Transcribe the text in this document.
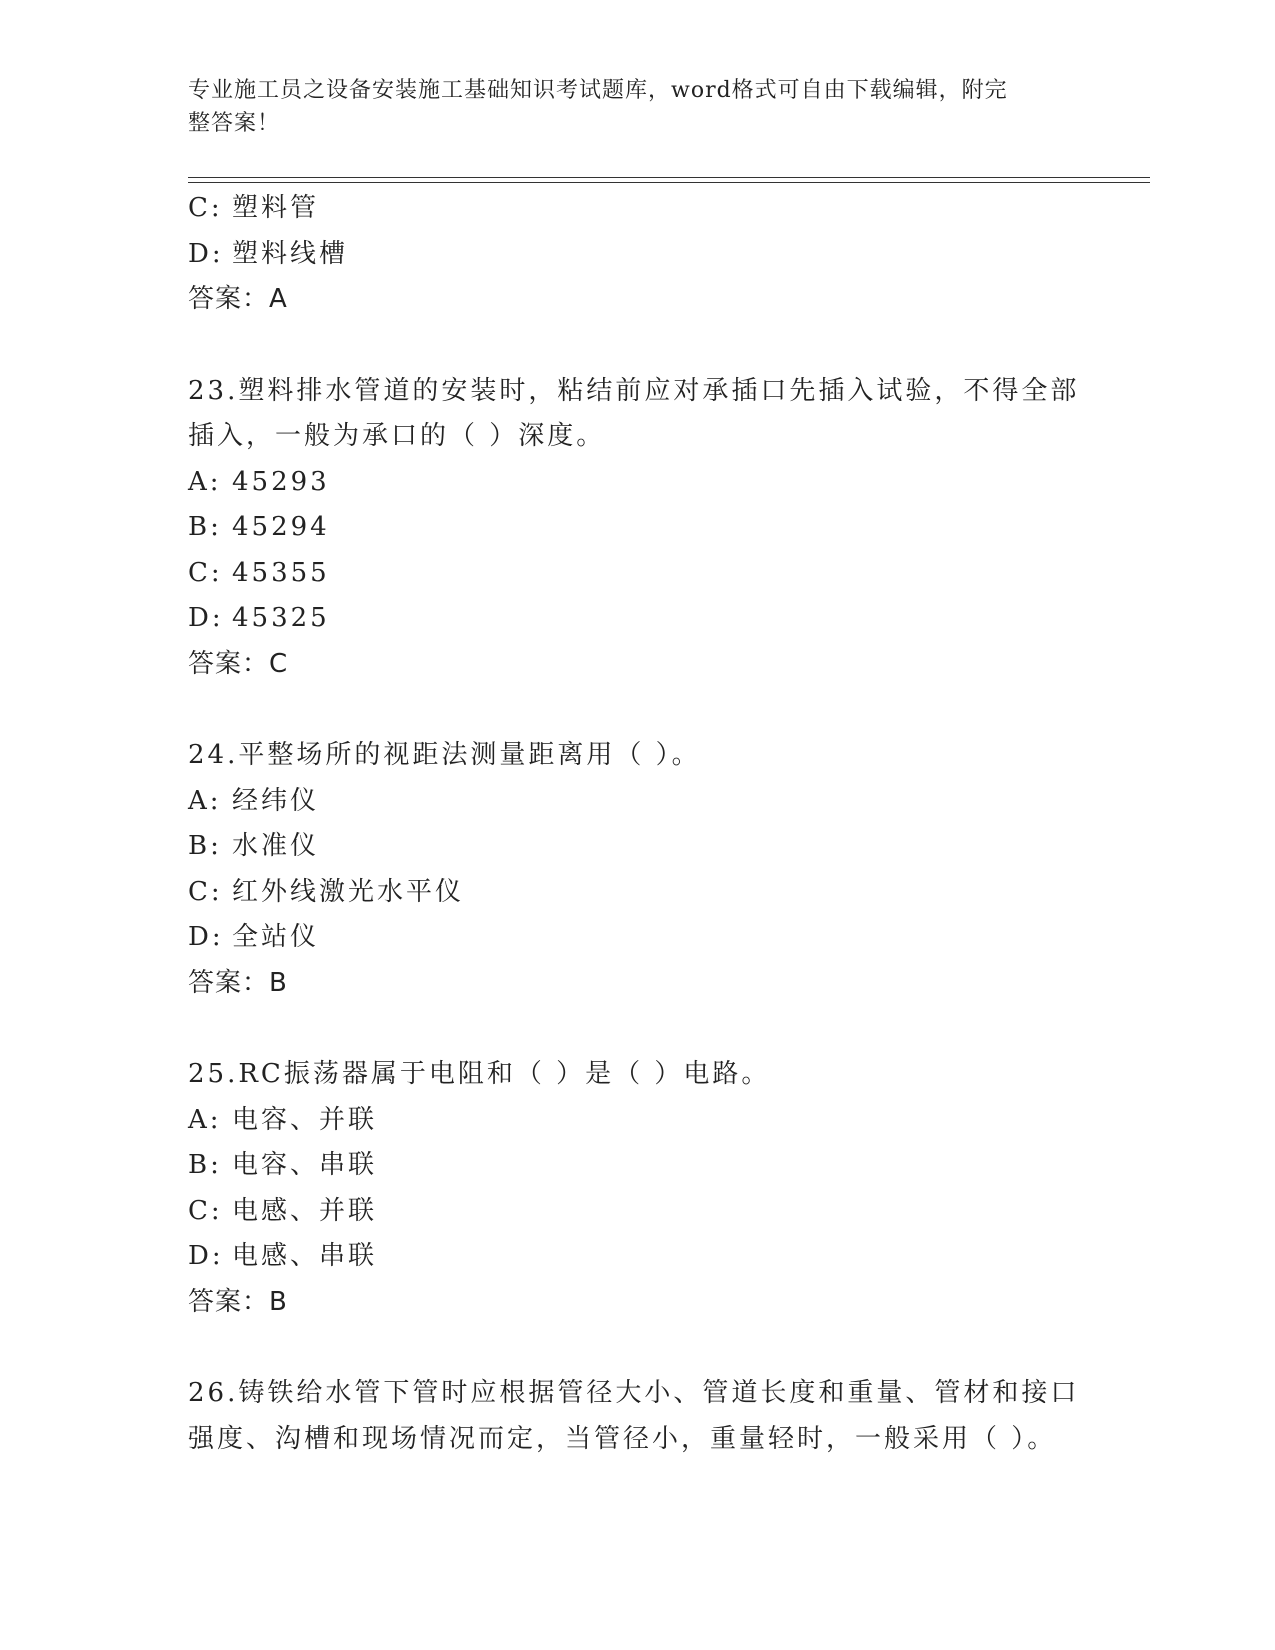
专业施工员之设备安装施工基础知识考试题库，word格式可自由下载编辑，附完
整答案！
C: 塑料管
D: 塑料线槽
答案：A
23.塑料排水管道的安装时，粘结前应对承插口先插入试验，不得全部
插入，一般为承口的（ ）深度。
A: 45293
B: 45294
C: 45355
D: 45325
答案：C
24.平整场所的视距法测量距离用（ ）。
A: 经纬仪
B: 水准仪
C: 红外线激光水平仪
D: 全站仪
答案：B
25.RC振荡器属于电阻和（ ）是（ ）电路。
A: 电容、并联
B: 电容、串联
C: 电感、并联
D: 电感、串联
答案：B
26.铸铁给水管下管时应根据管径大小、管道长度和重量、管材和接口
强度、沟槽和现场情况而定，当管径小，重量轻时，一般采用（ ）。
